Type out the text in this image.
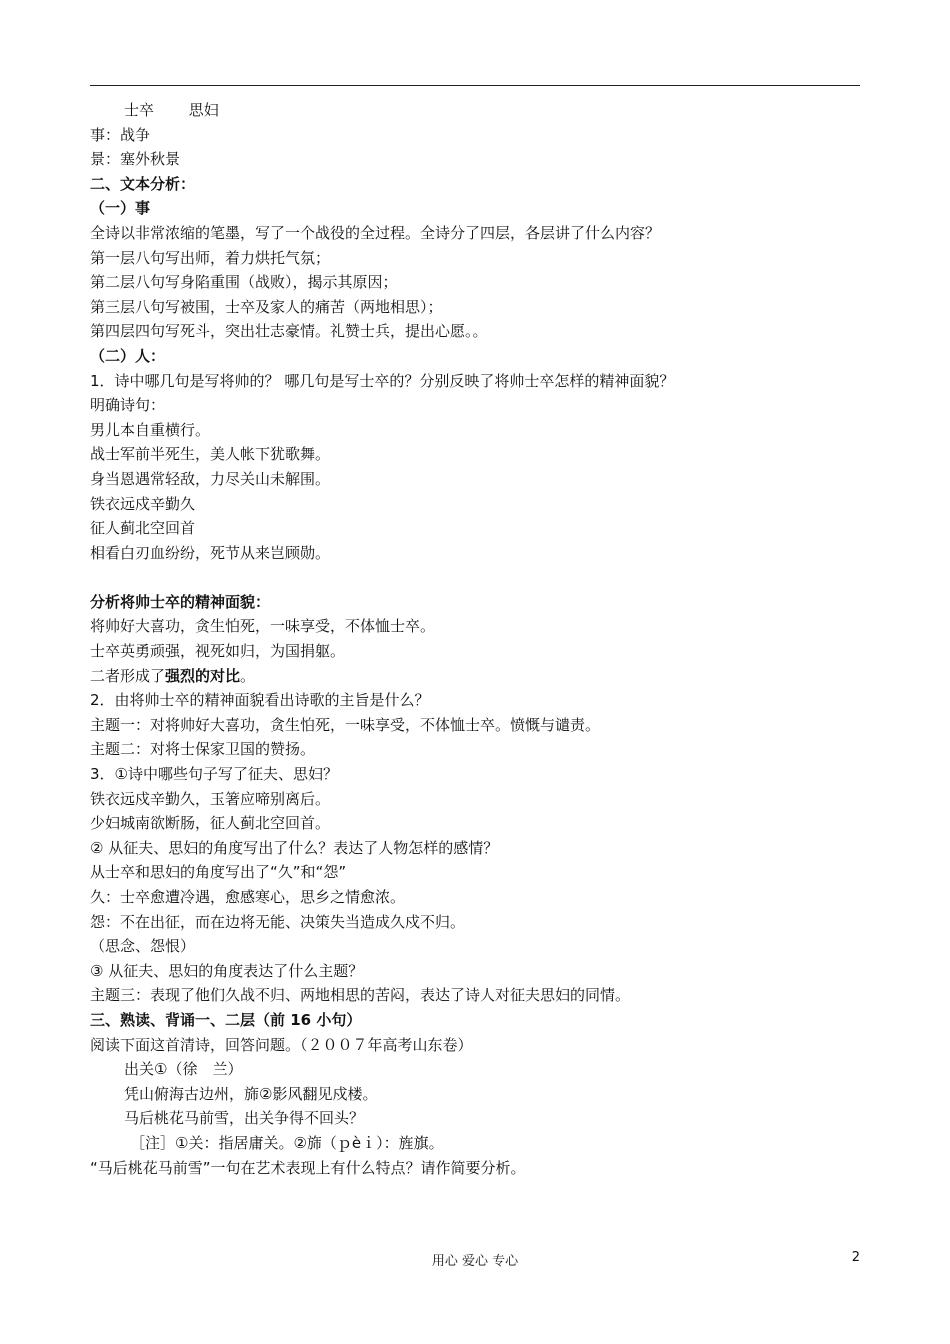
士卒　　 思妇
事：战争
景：塞外秋景
二、文本分析：
（一）事
全诗以非常浓缩的笔墨，写了一个战役的全过程。全诗分了四层，各层讲了什么内容？
第一层八句写出师，着力烘托气氛；
第二层八句写身陷重围（战败），揭示其原因；
第三层八句写被围，士卒及家人的痛苦（两地相思）；
第四层四句写死斗，突出壮志豪情。礼赞士兵，提出心愿。。
（二）人：
1．诗中哪几句是写将帅的？ 哪几句是写士卒的？分别反映了将帅士卒怎样的精神面貌？
明确诗句：
男儿本自重横行。
战士军前半死生，美人帐下犹歌舞。
身当恩遇常轻敌，力尽关山未解围。
铁衣远戍辛勤久
征人蓟北空回首
相看白刃血纷纷，死节从来岂顾勋。
分析将帅士卒的精神面貌：
将帅好大喜功，贪生怕死，一味享受，不体恤士卒。
士卒英勇顽强，视死如归，为国捐躯。
二者形成了强烈的对比。
2．由将帅士卒的精神面貌看出诗歌的主旨是什么？
主题一：对将帅好大喜功，贪生怕死，一味享受，不体恤士卒。愤慨与谴责。
主题二：对将士保家卫国的赞扬。
3．①诗中哪些句子写了征夫、思妇？
铁衣远戍辛勤久，玉箸应啼别离后。
少妇城南欲断肠，征人蓟北空回首。
② 从征夫、思妇的角度写出了什么？表达了人物怎样的感情？
从士卒和思妇的角度写出了“久”和“怨”
久：士卒愈遭冷遇，愈感寒心，思乡之情愈浓。
怨：不在出征，而在边将无能、决策失当造成久戍不归。
（思念、怨恨）
③ 从征夫、思妇的角度表达了什么主题？
主题三：表现了他们久战不归、两地相思的苦闷，表达了诗人对征夫思妇的同情。
三、熟读、背诵一、二层（前 16 小句）
阅读下面这首清诗，回答问题。（２００７年高考山东卷）
出关①（徐　兰）
凭山俯海古边州，旆②影风翻见戍楼。
马后桃花马前雪，出关争得不回头？
［注］①关：指居庸关。②旆（ｐèｉ）：旌旗。
“马后桃花马前雪”一句在艺术表现上有什么特点？请作简要分析。
用心 爱心 专心	2
